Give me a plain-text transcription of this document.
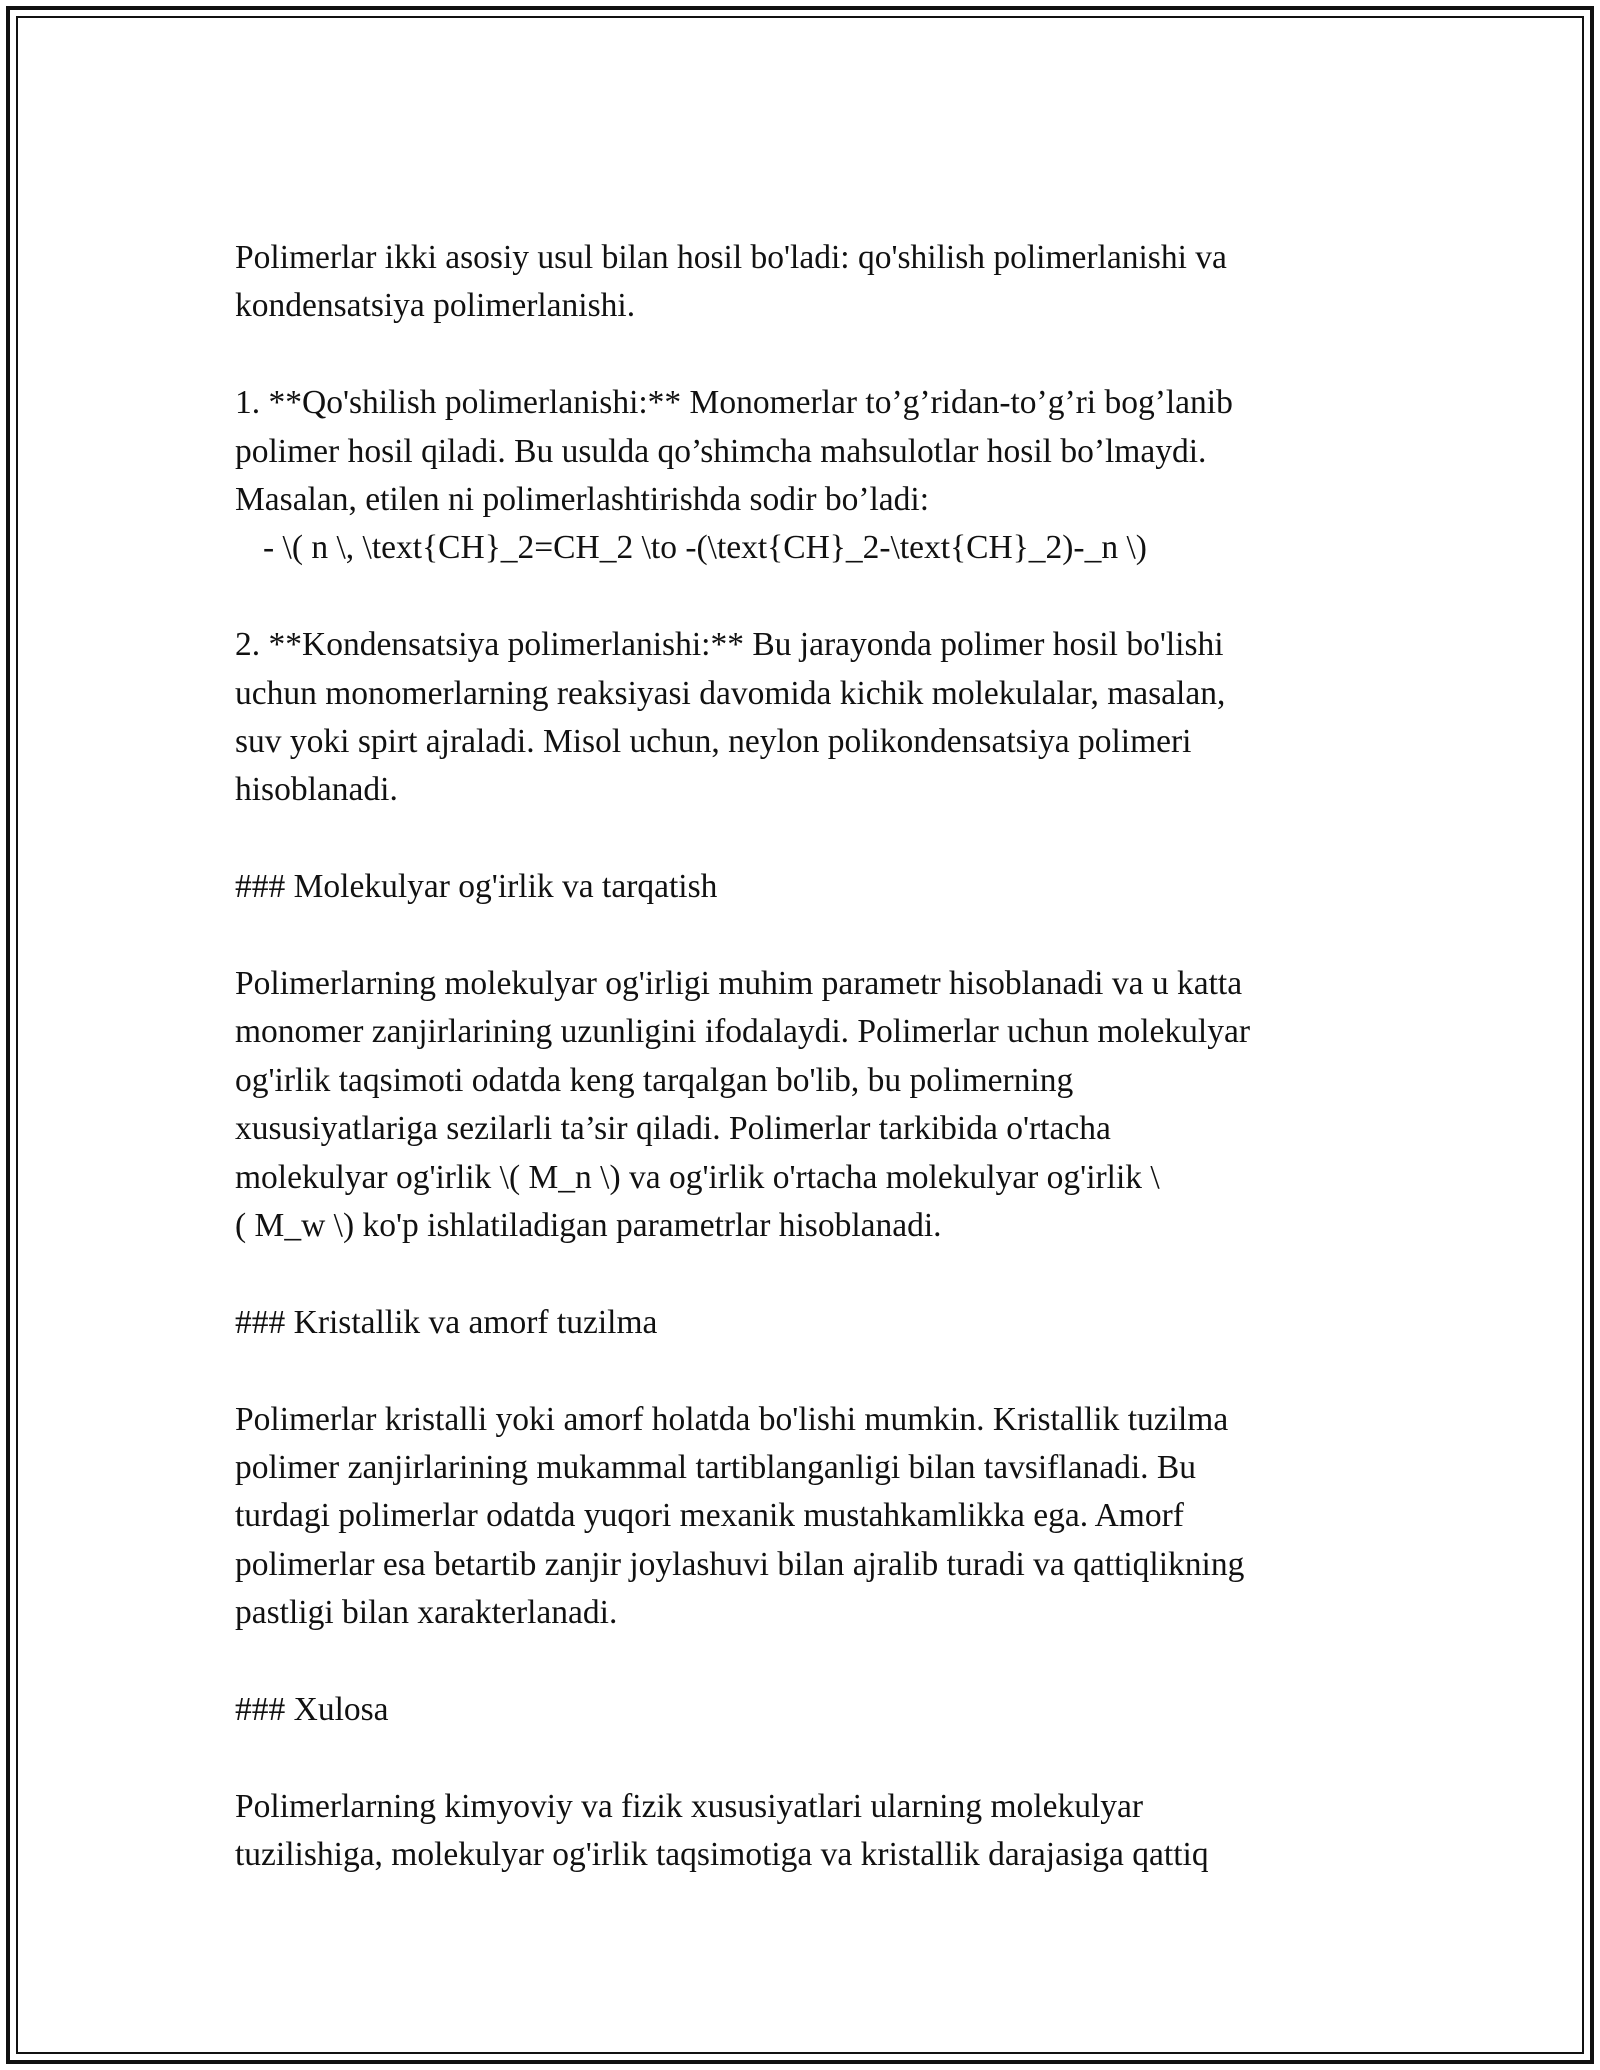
Polimerlar ikki asosiy usul bilan hosil bo'ladi: qo'shilish polimerlanishi va
kondensatsiya polimerlanishi.
1. **Qo'shilish polimerlanishi:** Monomerlar to’g’ridan-to’g’ri bog’lanib
polimer hosil qiladi. Bu usulda qo’shimcha mahsulotlar hosil bo’lmaydi.
Masalan, etilen ni polimerlashtirishda sodir bo’ladi:
- \( n \, \text{CH}_2=CH_2 \to -(\text{CH}_2-\text{CH}_2)-_n \)
2. **Kondensatsiya polimerlanishi:** Bu jarayonda polimer hosil bo'lishi
uchun monomerlarning reaksiyasi davomida kichik molekulalar, masalan,
suv yoki spirt ajraladi. Misol uchun, neylon polikondensatsiya polimeri
hisoblanadi.
### Molekulyar og'irlik va tarqatish
Polimerlarning molekulyar og'irligi muhim parametr hisoblanadi va u katta
monomer zanjirlarining uzunligini ifodalaydi. Polimerlar uchun molekulyar
og'irlik taqsimoti odatda keng tarqalgan bo'lib, bu polimerning
xususiyatlariga sezilarli ta’sir qiladi. Polimerlar tarkibida o'rtacha
molekulyar og'irlik \( M_n \) va og'irlik o'rtacha molekulyar og'irlik \
( M_w \) ko'p ishlatiladigan parametrlar hisoblanadi.
### Kristallik va amorf tuzilma
Polimerlar kristalli yoki amorf holatda bo'lishi mumkin. Kristallik tuzilma
polimer zanjirlarining mukammal tartiblanganligi bilan tavsiflanadi. Bu
turdagi polimerlar odatda yuqori mexanik mustahkamlikka ega. Amorf
polimerlar esa betartib zanjir joylashuvi bilan ajralib turadi va qattiqlikning
pastligi bilan xarakterlanadi.
### Xulosa
Polimerlarning kimyoviy va fizik xususiyatlari ularning molekulyar
tuzilishiga, molekulyar og'irlik taqsimotiga va kristallik darajasiga qattiq
